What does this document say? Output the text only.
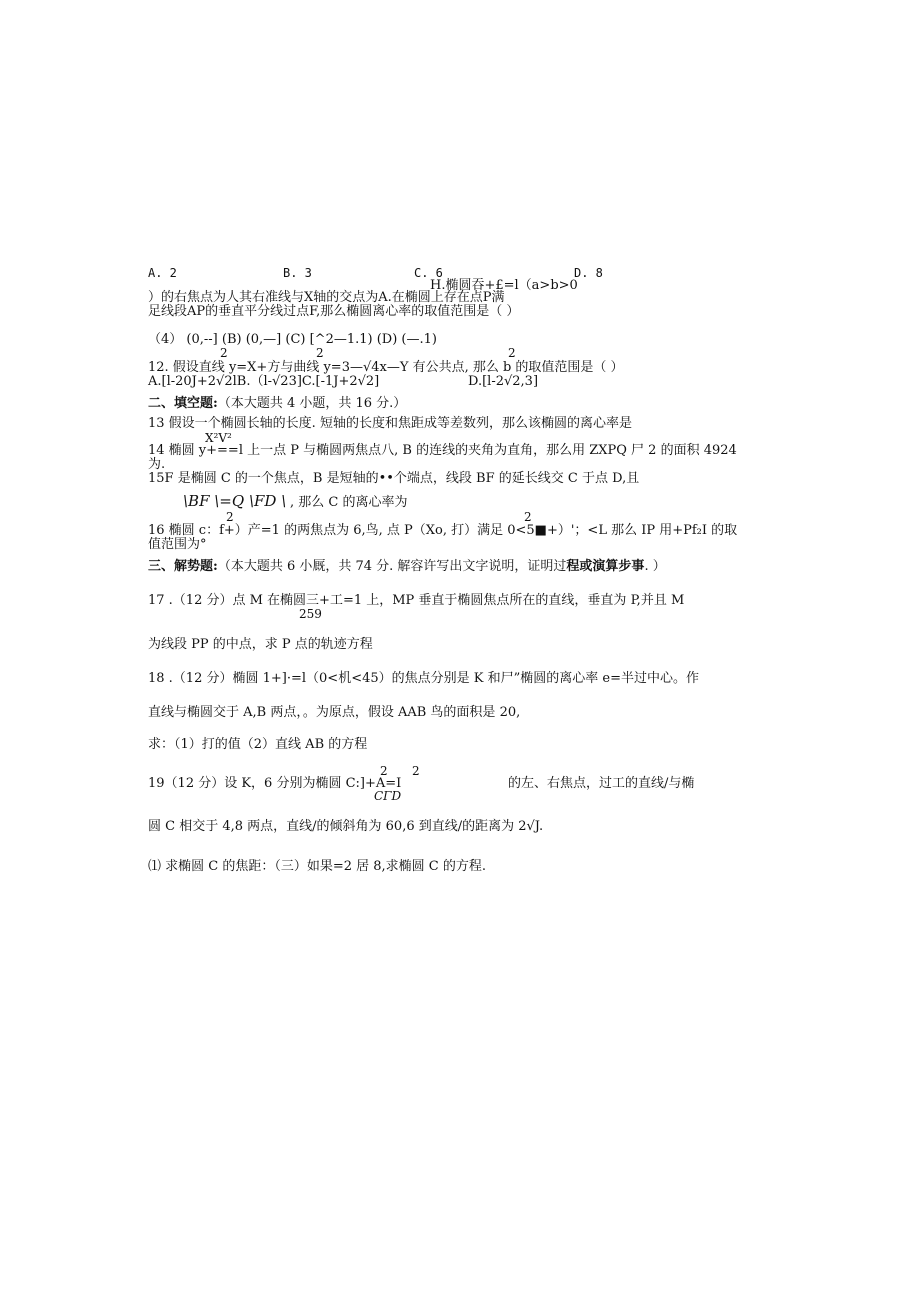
A. 2	B. 3	C. 6	D. 8
H.椭圆吞+£=l（a>b>0
）的右焦点为人其右准线与X轴的交点为A.在椭圆上存在点P满
足线段AP的垂直平分线过点F,那么椭圆离心率的取值范围是（ ）
（4） (0,--] (B) (0,—] (C) [^2—1.1) (D) (—.1)
2	2	2
12. 假设直线 y=X+方与曲线 y=3—√4x—Y 有公共点, 那么 b 的取值范围是（ ）
A.[l-20J+2√2lB.（l-√23]C.[-1J+2√2]	D.[l-2√2,3]
二、填空题:（本大题共 4 小题，共 16 分.）
13 假设一个椭圆长轴的长度. 短轴的长度和焦距成等差数列，那么该椭圆的离心率是
X²V²
14 椭圆 y+==l 上一点 P 与椭圆两焦点八, B 的连线的夹角为直角，那么用 ZXPQ 尸 2 的面积 4924
为.
15F 是椭圆 C 的一个焦点，B 是短轴的••个端点，线段 BF 的延长线交 C 于点 D,且
\BF \=Q \FD \ , 那么 C 的离心率为
2	2
16 椭圆 c：f+）产=1 的两焦点为 6,鸟, 点 P（Xo, 打）满足 0<5■+）'；<L 那么 IP 用+Pf₂I 的取
值范围为°
三、解势题:（本大题共 6 小厩，共 74 分. 解容许写出文字说明，证明过程或演算步事. ）
17 .（12 分）点 M 在椭圆三+工=1 上，MP 垂直于椭圆焦点所在的直线，垂直为 P,并且 M
259
为线段 PP 的中点，求 P 点的轨迹方程
18 .（12 分）椭圆 1+]·=l（0<机<45）的焦点分别是 K 和尸”椭圆的离心率 e=半过中心。作
直线与椭圆交于 A,B 两点，。为原点，假设 AAB 鸟的面积是 20,
求：（1）打的值（2）直线 AB 的方程
2 2
19（12 分）设 K，6 分别为椭圆 C:]+A=I
CΓD
的左、右焦点，过工的直线/与椭
圆 C 相交于 4,8 两点，直线/的倾斜角为 60,6 到直线/的距离为 2√J.
⑴ 求椭圆 C 的焦距：（三）如果=2 居 8,求椭圆 C 的方程.
